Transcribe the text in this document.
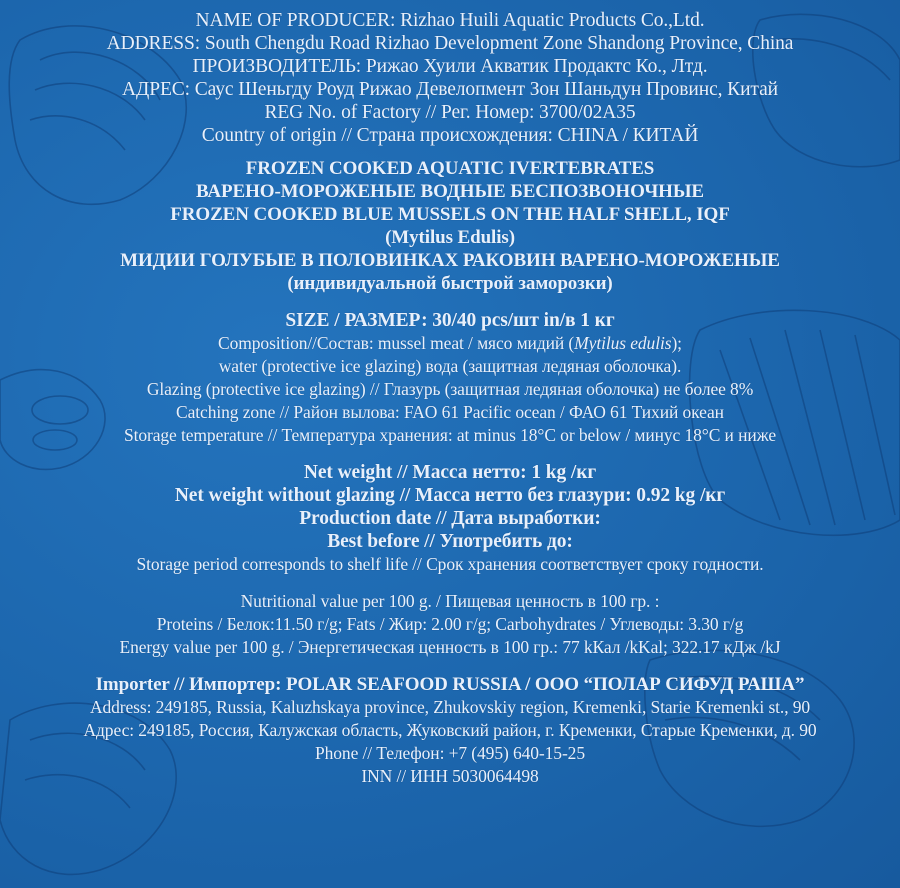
NAME OF PRODUCER: Rizhao Huili Aquatic Products Co.,Ltd.
ADDRESS: South Chengdu Road Rizhao Development Zone Shandong Province, China
ПРОИЗВОДИТЕЛЬ: Рижао Хуили Акватик Продактс Ко., Лтд.
АДРЕС: Саус Шеньгду Роуд Рижао Девелопмент Зон Шаньдун Провинс, Китай
REG No. of Factory // Рег. Номер: 3700/02A35
Country of origin // Страна происхождения: CHINA / КИТАЙ
FROZEN COOKED AQUATIC IVERTEBRATES
ВАРЕНО-МОРОЖЕНЫЕ ВОДНЫЕ БЕСПОЗВОНОЧНЫЕ
FROZEN COOKED BLUE MUSSELS ON THE HALF SHELL, IQF
(Mytilus Edulis)
МИДИИ ГОЛУБЫЕ В ПОЛОВИНКАХ РАКОВИН ВАРЕНО-МОРОЖЕНЫЕ
(индивидуальной быстрой заморозки)
SIZE / РАЗМЕР: 30/40 pcs/шт in/в 1 кг
Composition//Состав: mussel meat / мясо мидий (Mytilus edulis);
water (protective ice glazing) вода (защитная ледяная оболочка).
Glazing (protective ice glazing) // Глазурь (защитная ледяная оболочка) не более 8%
Catching zone // Район вылова: FAO 61 Pacific ocean / ФАО 61 Тихий океан
Storage temperature // Температура хранения: at minus 18°C or below / минус 18°C и ниже
Net weight // Масса нетто: 1 kg /кг
Net weight without glazing // Масса нетто без глазури: 0.92 kg /кг
Production date // Дата выработки:
Best before // Употребить до:
Storage period corresponds to shelf life // Срок хранения соответствует сроку годности.
Nutritional value per 100 g. / Пищевая ценность в 100 гр. :
Proteins / Белок:11.50 г/g; Fats / Жир: 2.00 г/g; Carbohydrates / Углеводы: 3.30 г/g
Energy value per 100 g. / Энергетическая ценность в 100 гр.: 77 kКал /kKal; 322.17 кДж /kJ
Importer // Импортер: POLAR SEAFOOD RUSSIA / ООО “ПОЛАР СИФУД РАША”
Address: 249185, Russia, Kaluzhskaya province, Zhukovskiy region, Kremenki, Starie Kremenki st., 90
Адрес: 249185, Россия, Калужская область, Жуковский район, г. Кременки, Старые Кременки, д. 90
Phone // Телефон: +7 (495) 640-15-25
INN // ИНН 5030064498
